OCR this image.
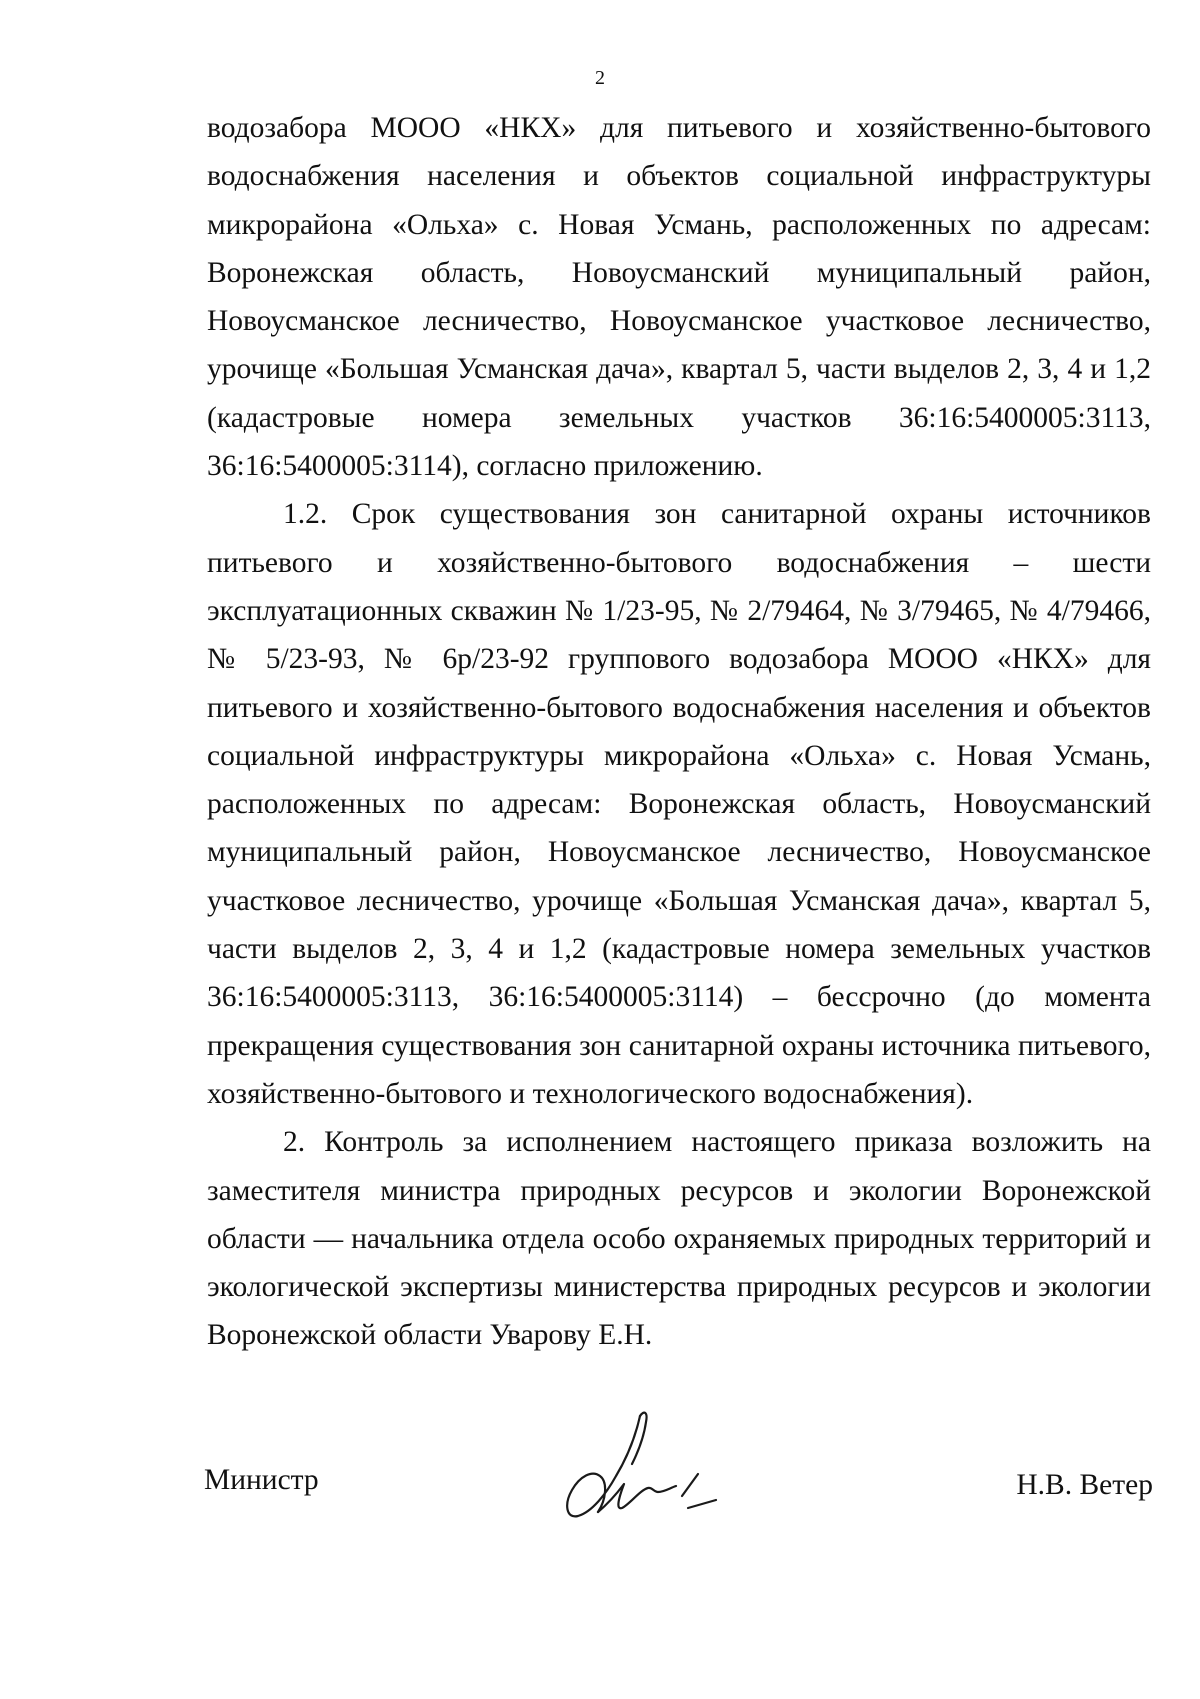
2

водозабора МООО «НКХ» для питьевого и хозяйственно-бытового водоснабжения населения и объектов социальной инфраструктуры микрорайона «Ольха» с. Новая Усмань, расположенных по адресам: Воронежская область, Новоусманский муниципальный район, Новоусманское лесничество, Новоусманское участковое лесничество, урочище «Большая Усманская дача», квартал 5, части выделов 2, 3, 4 и 1,2 (кадастровые номера земельных участков 36:16:5400005:3113, 36:16:5400005:3114), согласно приложению.

1.2. Срок существования зон санитарной охраны источников питьевого и хозяйственно-бытового водоснабжения – шести эксплуатационных скважин № 1/23-95, № 2/79464, № 3/79465, № 4/79466, № 5/23-93, № 6р/23-92 группового водозабора МООО «НКХ» для питьевого и хозяйственно-бытового водоснабжения населения и объектов социальной инфраструктуры микрорайона «Ольха» с. Новая Усмань, расположенных по адресам: Воронежская область, Новоусманский муниципальный район, Новоусманское лесничество, Новоусманское участковое лесничество, урочище «Большая Усманская дача», квартал 5, части выделов 2, 3, 4 и 1,2 (кадастровые номера земельных участков 36:16:5400005:3113, 36:16:5400005:3114) – бессрочно (до момента прекращения существования зон санитарной охраны источника питьевого, хозяйственно-бытового и технологического водоснабжения).

2. Контроль за исполнением настоящего приказа возложить на заместителя министра природных ресурсов и экологии Воронежской области — начальника отдела особо охраняемых природных территорий и экологической экспертизы министерства природных ресурсов и экологии Воронежской области Уварову Е.Н.

Министр	Н.В. Ветер
